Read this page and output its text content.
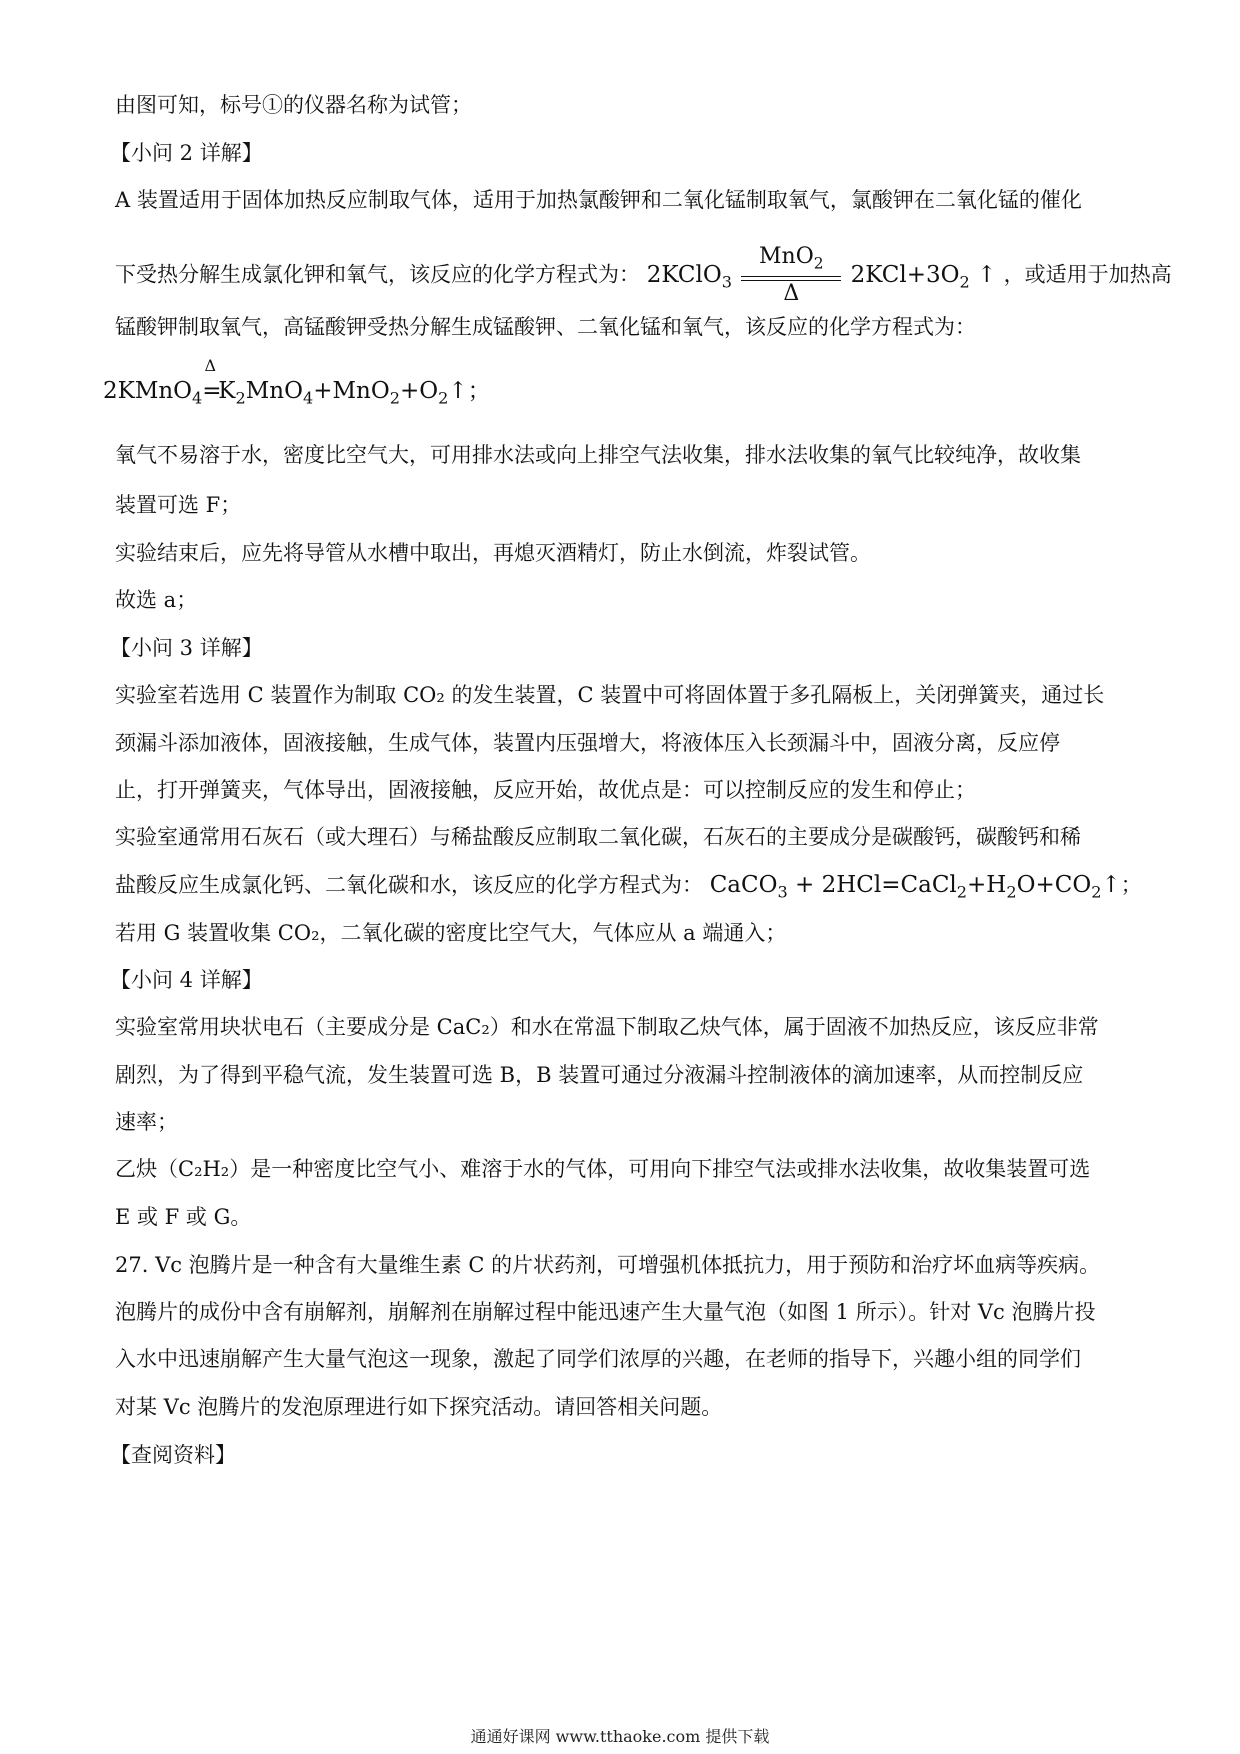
由图可知，标号①的仪器名称为试管；
【小问 2 详解】
A 装置适用于固体加热反应制取气体，适用于加热氯酸钾和二氧化锰制取氧气，氯酸钾在二氧化锰的催化
下受热分解生成氯化钾和氧气，该反应的化学方程式为： 2KClO$_3$
MnO$_2$
Δ
$2KCl+3O_2$ ↑ ，或适用于加热高
锰酸钾制取氧气，高锰酸钾受热分解生成锰酸钾、二氧化锰和氧气，该反应的化学方程式为：
2KMnO$_4$
Δ
$=K_2MnO_4+MnO_2+O_2↑$；
氧气不易溶于水，密度比空气大，可用排水法或向上排空气法收集，排水法收集的氧气比较纯净，故收集
装置可选 F；
实验结束后，应先将导管从水槽中取出，再熄灭酒精灯，防止水倒流，炸裂试管。
故选 a；
【小问 3 详解】
实验室若选用 C 装置作为制取 CO₂ 的发生装置，C 装置中可将固体置于多孔隔板上，关闭弹簧夹，通过长
颈漏斗添加液体，固液接触，生成气体，装置内压强增大，将液体压入长颈漏斗中，固液分离，反应停
止，打开弹簧夹，气体导出，固液接触，反应开始，故优点是：可以控制反应的发生和停止；
实验室通常用石灰石（或大理石）与稀盐酸反应制取二氧化碳，石灰石的主要成分是碳酸钙，碳酸钙和稀
盐酸反应生成氯化钙、二氧化碳和水，该反应的化学方程式为： CaCO$_3$ + $2HCl=CaCl_2+H_2O+CO_2↑$；
若用 G 装置收集 CO₂，二氧化碳的密度比空气大，气体应从 a 端通入；
【小问 4 详解】
实验室常用块状电石（主要成分是 CaC₂）和水在常温下制取乙炔气体，属于固液不加热反应，该反应非常
剧烈，为了得到平稳气流，发生装置可选 B，B 装置可通过分液漏斗控制液体的滴加速率，从而控制反应
速率；
乙炔（C₂H₂）是一种密度比空气小、难溶于水的气体，可用向下排空气法或排水法收集，故收集装置可选
E 或 F 或 G。
27. Vc 泡腾片是一种含有大量维生素 C 的片状药剂，可增强机体抵抗力，用于预防和治疗坏血病等疾病。
泡腾片的成份中含有崩解剂，崩解剂在崩解过程中能迅速产生大量气泡（如图 1 所示）。针对 Vc 泡腾片投
入水中迅速崩解产生大量气泡这一现象，激起了同学们浓厚的兴趣，在老师的指导下，兴趣小组的同学们
对某 Vc 泡腾片的发泡原理进行如下探究活动。请回答相关问题。
【查阅资料】
通通好课网 www.tthaoke.com 提供下载
